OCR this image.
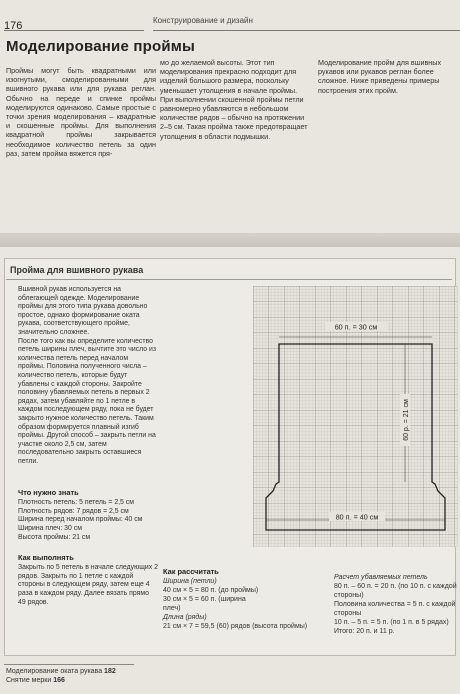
176	Конструирование и дизайн
Моделирование проймы
Проймы могут быть квадратными или изогнутыми, смоделированными для вшивного рукава или для рукава реглан. Обычно на переде и спинке проймы моделируются одинаково. Самые простые с точки зрения моделирования – квадратные и скошенные проймы. Для выполнения квадратной проймы закрывается необходимое количество петель за один раз, затем пройма вяжется пря-
мо до желаемой высоты. Этот тип моделирования прекрасно подходит для изделий большого размера, поскольку уменьшает утолщения в начале проймы. При выполнении скошенной проймы петли равномерно убавляются в небольшом количестве рядов – обычно на протяжении 2–5 см. Такая пройма также предотвращает утолщения в области подмышки.
Моделирование пройм для вшивных рукавов или рукавов реглан более сложное. Ниже приведены примеры построения этих пройм.
Пройма для вшивного рукава
Вшивной рукав используется на облегающей одежде. Моделирование проймы для этого типа рукава довольно простое, однако формирование оката рукава, соответствующего пройме, значительно сложнее.
После того как вы определите количество петель ширины плеч, вычтите это число из количества петель перед началом проймы. Половина полученного числа – количество петель, которые будут убавлены с каждой стороны. Закройте половину убавляемых петель в первых 2 рядах, затем убавляйте по 1 петле в каждом последующем ряду, пока не будет закрыто нужное количество петель. Таким образом формируется плавный изгиб проймы. Другой способ – закрыть петли на участке около 2,5 см, затем последовательно закрыть оставшиеся петли.
Что нужно знать
Плотность петель: 5 петель = 2,5 см
Плотность рядов: 7 рядов = 2,5 см
Ширина перед началом проймы: 40 см
Ширина плеч: 30 см
Высота проймы: 21 см
Как выполнять
Закрыть по 5 петель в начале следующих 2 рядов. Закрыть по 1 петле с каждой стороны в следующем ряду, затем еще 4 раза в каждом ряду. Далее вязать прямо 49 рядов.
60 п. = 30 см
80 п. = 40 см
60 р. = 21 см
Как рассчитать
Ширина (петли)
40 см × 5 = 80 п. (до проймы)
30 см × 5 = 60 п. (ширина плеч)
Длина (ряды)
21 см × 7 = 59,5 (60) рядов (высота проймы)
Расчет убавляемых петель
80 п. – 60 п. = 20 п. (по 10 п. с каждой стороны)
Половина количества = 5 п. с каждой стороны
10 п. – 5 п. = 5 п. (по 1 п. в 5 рядах)
Итого: 20 п. и 11 р.
Моделирование оката рукава 182
Снятие мерки 166
